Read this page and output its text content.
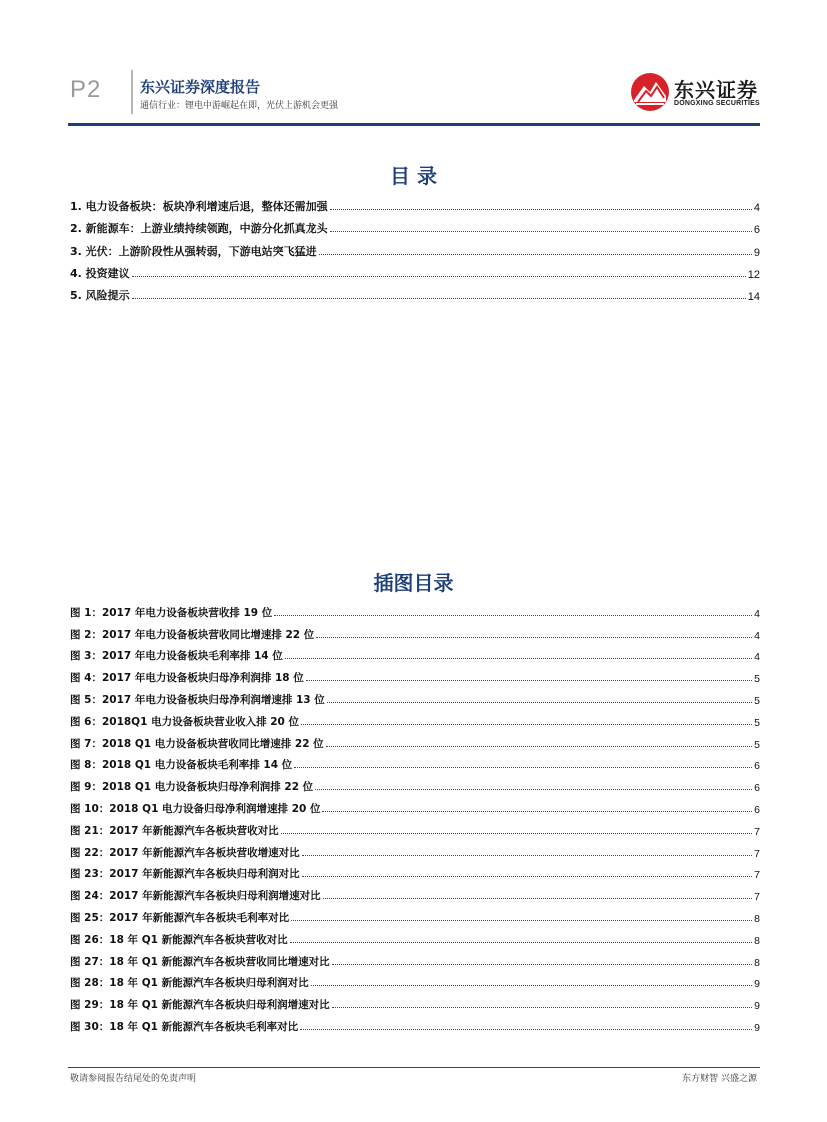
P2	东兴证券深度报告
通信行业：锂电中游崛起在即，光伏上游机会更强
东兴证券
DONGXING SECURITIES
目 录
1. 电力设备板块：板块净利增速后退，整体还需加强	4
2. 新能源车：上游业绩持续领跑，中游分化抓真龙头	6
3. 光伏：上游阶段性从强转弱，下游电站突飞猛进	9
4. 投资建议	12
5. 风险提示	14
插图目录
图 1：2017 年电力设备板块营收排 19 位	4
图 2：2017 年电力设备板块营收同比增速排 22 位	4
图 3：2017 年电力设备板块毛利率排 14 位	4
图 4：2017 年电力设备板块归母净利润排 18 位	5
图 5：2017 年电力设备板块归母净利润增速排 13 位	5
图 6：2018Q1 电力设备板块营业收入排 20 位	5
图 7：2018 Q1 电力设备板块营收同比增速排 22 位	5
图 8：2018 Q1 电力设备板块毛利率排 14 位	6
图 9：2018 Q1 电力设备板块归母净利润排 22 位	6
图 10：2018 Q1 电力设备归母净利润增速排 20 位	6
图 21：2017 年新能源汽车各板块营收对比	7
图 22：2017 年新能源汽车各板块营收增速对比	7
图 23：2017 年新能源汽车各板块归母利润对比	7
图 24：2017 年新能源汽车各板块归母利润增速对比	7
图 25：2017 年新能源汽车各板块毛利率对比	8
图 26：18 年 Q1 新能源汽车各板块营收对比	8
图 27：18 年 Q1 新能源汽车各板块营收同比增速对比	8
图 28：18 年 Q1 新能源汽车各板块归母利润对比	9
图 29：18 年 Q1 新能源汽车各板块归母利润增速对比	9
图 30：18 年 Q1 新能源汽车各板块毛利率对比	9
敬请参阅报告结尾处的免责声明	东方财智 兴盛之源
